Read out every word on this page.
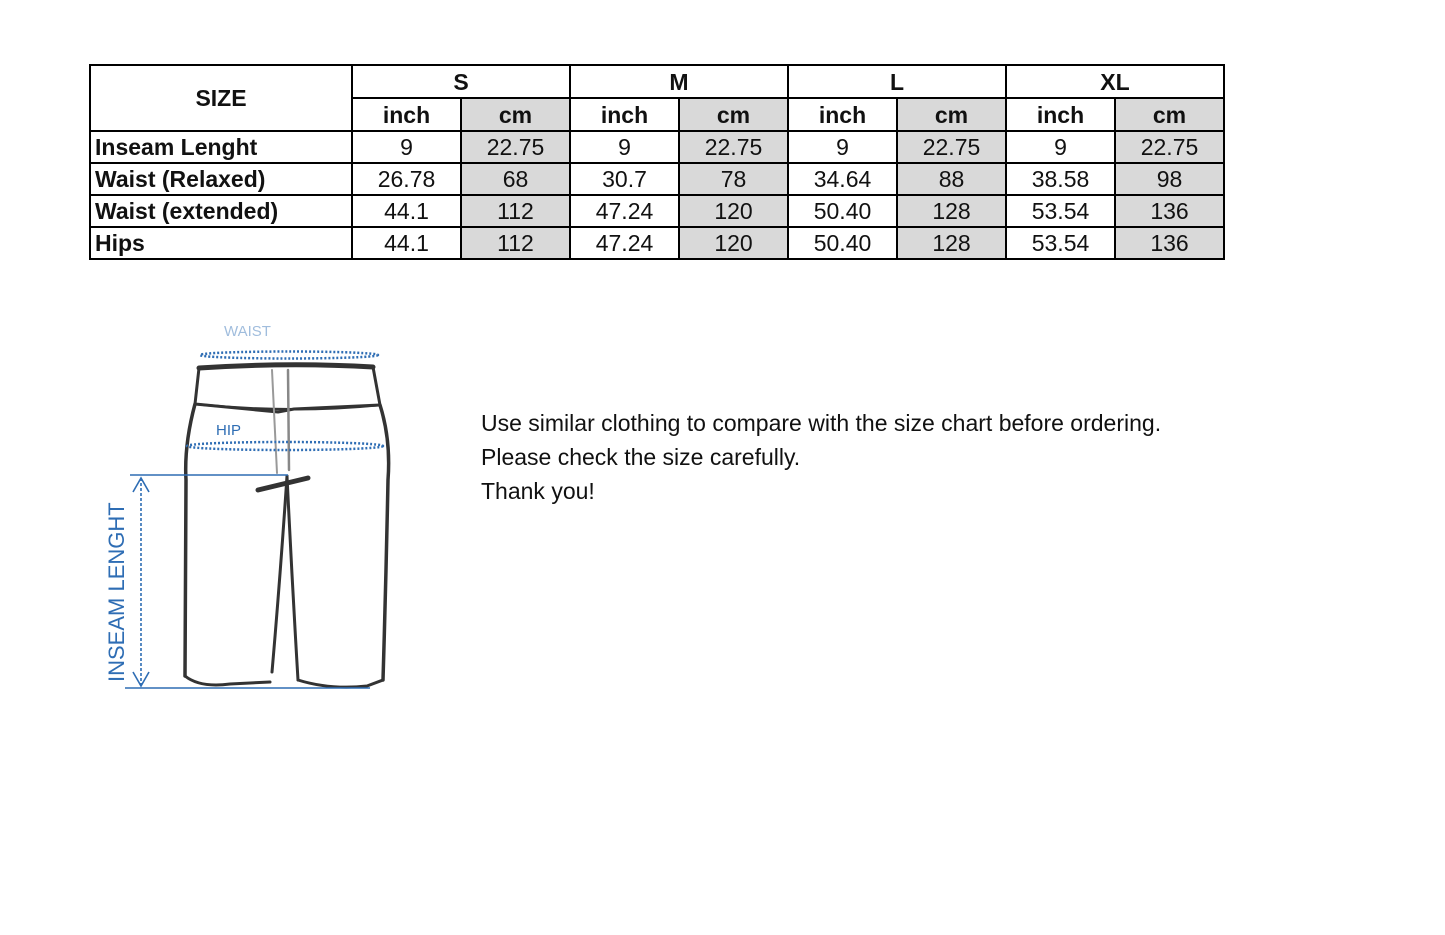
SIZE	S		M		L		XL	
	inch	cm	inch	cm	inch	cm	inch	cm
Inseam Lenght	9	22.75	9	22.75	9	22.75	9	22.75
Waist (Relaxed)	26.78	68	30.7	78	34.64	88	38.58	98
Waist (extended)	44.1	112	47.24	120	50.40	128	53.54	136
Hips	44.1	112	47.24	120	50.40	128	53.54	136
HIP
INSEAM LENGHT
Use similar clothing to compare with the size chart before ordering.
Please check the size carefully.
Thank you!
